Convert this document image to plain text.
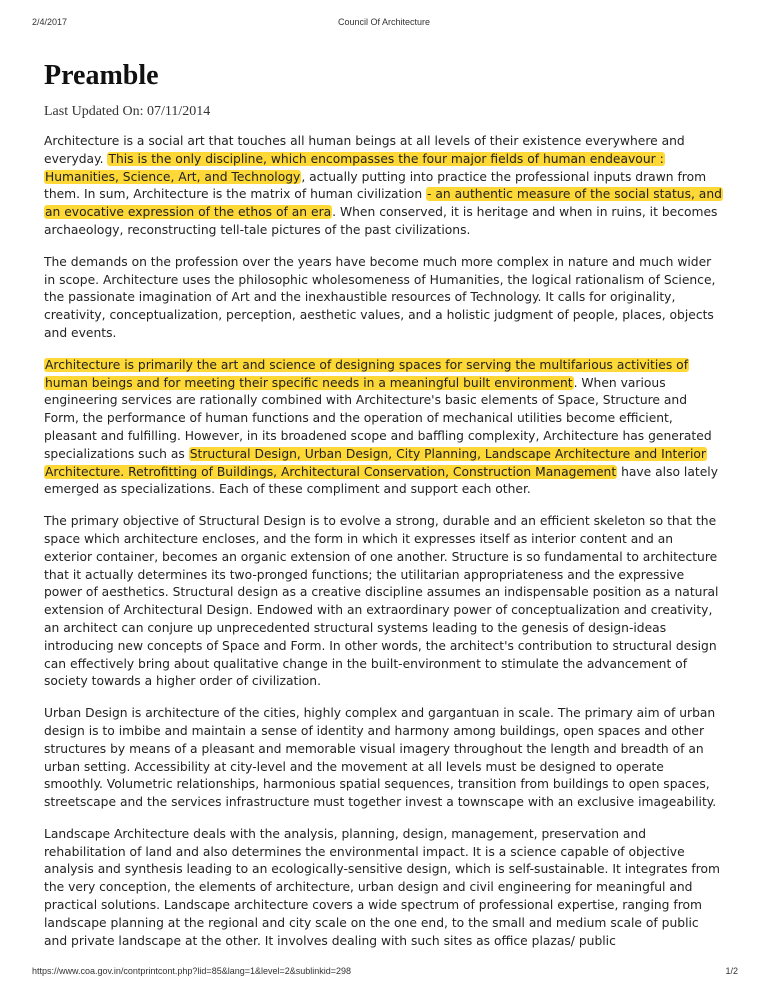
2/4/2017	Council Of Architecture
Preamble
Last Updated On: 07/11/2014

Architecture is a social art that touches all human beings at all levels of their existence everywhere and everyday. This is the only discipline, which encompasses the four major fields of human endeavour : Humanities, Science, Art, and Technology, actually putting into practice the professional inputs drawn from them. In sum, Architecture is the matrix of human civilization - an authentic measure of the social status, and an evocative expression of the ethos of an era. When conserved, it is heritage and when in ruins, it becomes archaeology, reconstructing tell-tale pictures of the past civilizations.

The demands on the profession over the years have become much more complex in nature and much wider in scope. Architecture uses the philosophic wholesomeness of Humanities, the logical rationalism of Science, the passionate imagination of Art and the inexhaustible resources of Technology. It calls for originality, creativity, conceptualization, perception, aesthetic values, and a holistic judgment of people, places, objects and events.

Architecture is primarily the art and science of designing spaces for serving the multifarious activities of human beings and for meeting their specific needs in a meaningful built environment. When various engineering services are rationally combined with Architecture's basic elements of Space, Structure and Form, the performance of human functions and the operation of mechanical utilities become efficient, pleasant and fulfilling. However, in its broadened scope and baffling complexity, Architecture has generated specializations such as Structural Design, Urban Design, City Planning, Landscape Architecture and Interior Architecture. Retrofitting of Buildings, Architectural Conservation, Construction Management have also lately emerged as specializations. Each of these compliment and support each other.

The primary objective of Structural Design is to evolve a strong, durable and an efficient skeleton so that the space which architecture encloses, and the form in which it expresses itself as interior content and an exterior container, becomes an organic extension of one another. Structure is so fundamental to architecture that it actually determines its two-pronged functions; the utilitarian appropriateness and the expressive power of aesthetics. Structural design as a creative discipline assumes an indispensable position as a natural extension of Architectural Design. Endowed with an extraordinary power of conceptualization and creativity, an architect can conjure up unprecedented structural systems leading to the genesis of design-ideas introducing new concepts of Space and Form. In other words, the architect's contribution to structural design can effectively bring about qualitative change in the built-environment to stimulate the advancement of society towards a higher order of civilization.

Urban Design is architecture of the cities, highly complex and gargantuan in scale. The primary aim of urban design is to imbibe and maintain a sense of identity and harmony among buildings, open spaces and other structures by means of a pleasant and memorable visual imagery throughout the length and breadth of an urban setting. Accessibility at city-level and the movement at all levels must be designed to operate smoothly. Volumetric relationships, harmonious spatial sequences, transition from buildings to open spaces, streetscape and the services infrastructure must together invest a townscape with an exclusive imageability.

Landscape Architecture deals with the analysis, planning, design, management, preservation and rehabilitation of land and also determines the environmental impact. It is a science capable of objective analysis and synthesis leading to an ecologically-sensitive design, which is self-sustainable. It integrates from the very conception, the elements of architecture, urban design and civil engineering for meaningful and practical solutions. Landscape architecture covers a wide spectrum of professional expertise, ranging from landscape planning at the regional and city scale on the one end, to the small and medium scale of public and private landscape at the other. It involves dealing with such sites as office plazas/ public

https://www.coa.gov.in/contprintcont.php?lid=85&lang=1&level=2&sublinkid=298	1/2
